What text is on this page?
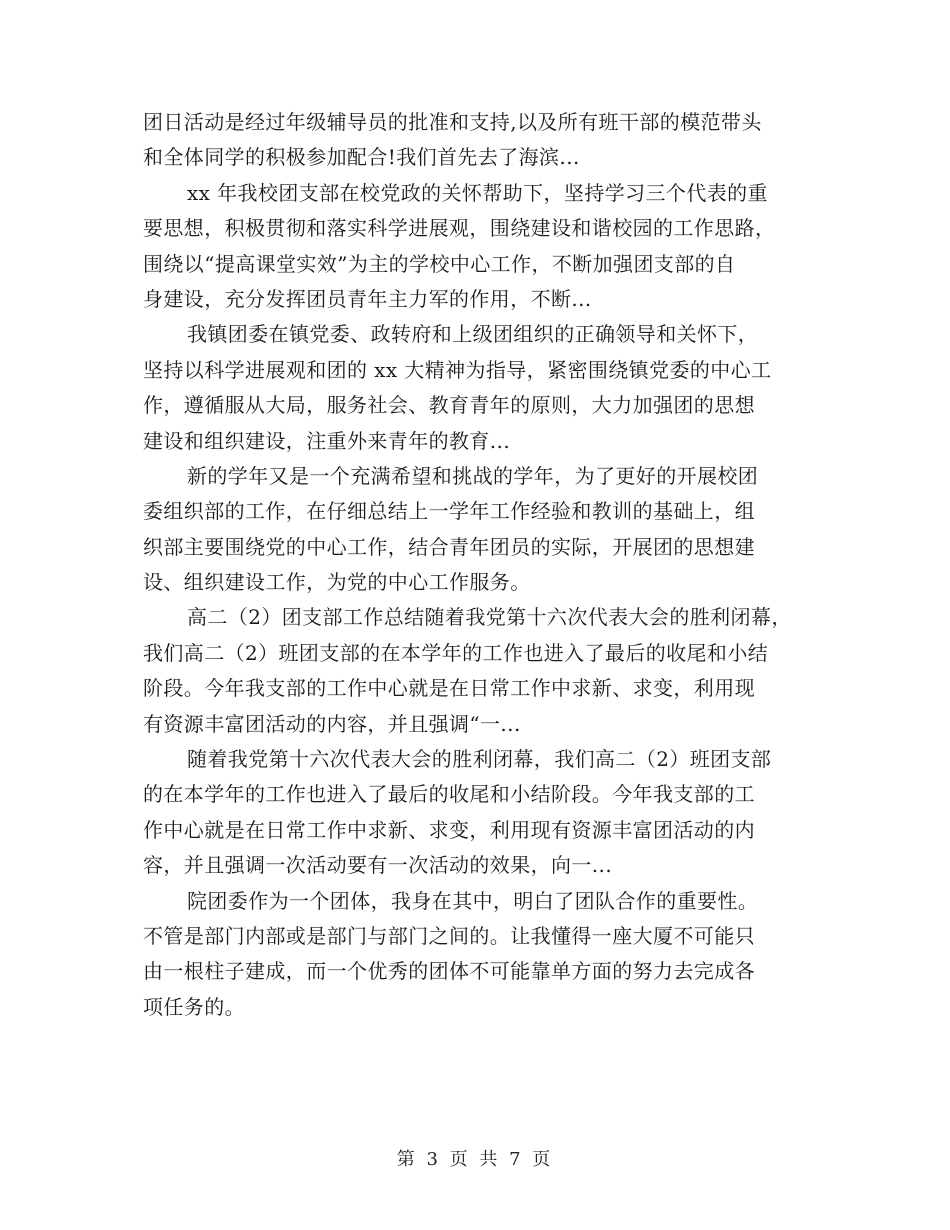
团日活动是经过年级辅导员的批准和支持,以及所有班干部的模范带头
和全体同学的积极参加配合!我们首先去了海滨...
xx 年我校团支部在校党政的关怀帮助下，坚持学习三个代表的重
要思想，积极贯彻和落实科学进展观，围绕建设和谐校园的工作思路，
围绕以“提高课堂实效”为主的学校中心工作，不断加强团支部的自
身建设，充分发挥团员青年主力军的作用，不断...
我镇团委在镇党委、政转府和上级团组织的正确领导和关怀下，
坚持以科学进展观和团的 xx 大精神为指导，紧密围绕镇党委的中心工
作，遵循服从大局，服务社会、教育青年的原则，大力加强团的思想
建设和组织建设，注重外来青年的教育...
新的学年又是一个充满希望和挑战的学年，为了更好的开展校团
委组织部的工作，在仔细总结上一学年工作经验和教训的基础上，组
织部主要围绕党的中心工作，结合青年团员的实际，开展团的思想建
设、组织建设工作，为党的中心工作服务。
高二（2）团支部工作总结随着我党第十六次代表大会的胜利闭幕，
我们高二（2）班团支部的在本学年的工作也进入了最后的收尾和小结
阶段。今年我支部的工作中心就是在日常工作中求新、求变，利用现
有资源丰富团活动的内容，并且强调“一...
随着我党第十六次代表大会的胜利闭幕，我们高二（2）班团支部
的在本学年的工作也进入了最后的收尾和小结阶段。今年我支部的工
作中心就是在日常工作中求新、求变，利用现有资源丰富团活动的内
容，并且强调一次活动要有一次活动的效果，向一...
院团委作为一个团体，我身在其中，明白了团队合作的重要性。
不管是部门内部或是部门与部门之间的。让我懂得一座大厦不可能只
由一根柱子建成，而一个优秀的团体不可能靠单方面的努力去完成各
项任务的。
第 3 页 共 7 页
